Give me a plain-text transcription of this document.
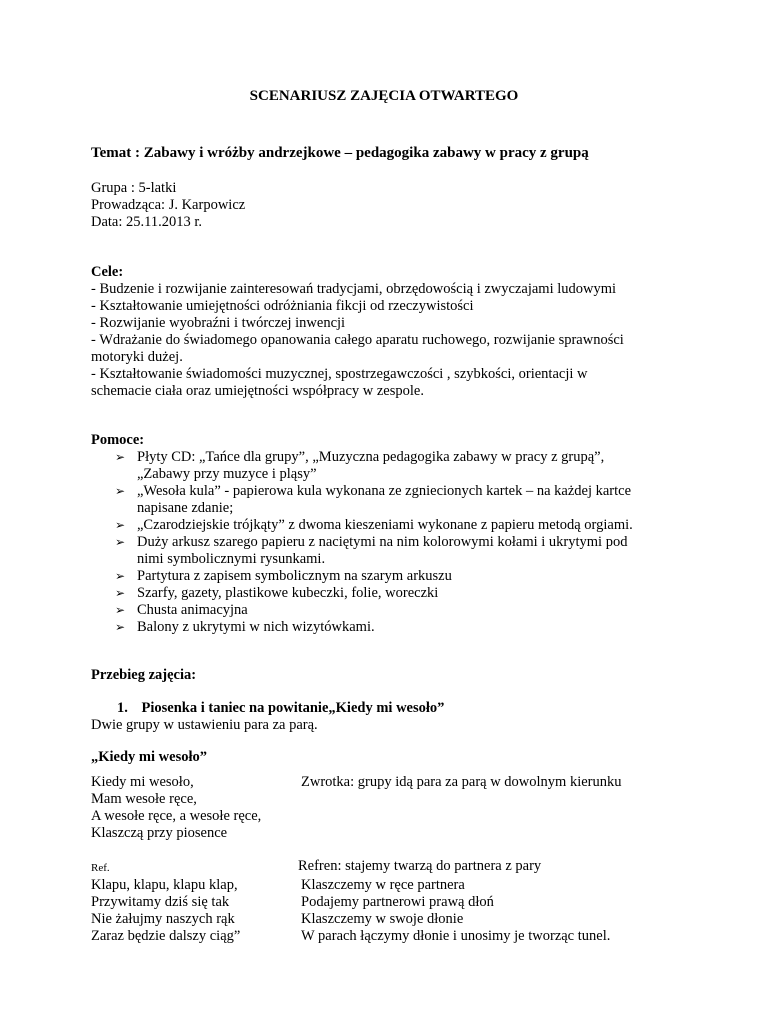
SCENARIUSZ ZAJĘCIA OTWARTEGO
Temat : Zabawy i wróżby andrzejkowe – pedagogika zabawy w pracy z grupą
Grupa : 5-latki
Prowadząca: J. Karpowicz
Data: 25.11.2013 r.
Cele:
- Budzenie i rozwijanie zainteresowań tradycjami, obrzędowością i zwyczajami ludowymi
- Kształtowanie umiejętności odróżniania fikcji od rzeczywistości
- Rozwijanie wyobraźni i twórczej inwencji
- Wdrażanie do świadomego opanowania całego aparatu ruchowego, rozwijanie sprawności
motoryki dużej.
- Kształtowanie świadomości muzycznej, spostrzegawczości , szybkości, orientacji w
schemacie ciała oraz umiejętności współpracy w zespole.
Pomoce:
➢ Płyty CD: „Tańce dla grupy”, „Muzyczna pedagogika zabawy w pracy z grupą”,
„Zabawy przy muzyce i pląsy”
➢ „Wesoła kula” - papierowa kula wykonana ze zgniecionych kartek – na każdej kartce
napisane zdanie;
➢ „Czarodziejskie trójkąty” z dwoma kieszeniami wykonane z papieru metodą orgiami.
➢ Duży arkusz szarego papieru z naciętymi na nim kolorowymi kołami i ukrytymi pod
nimi symbolicznymi rysunkami.
➢ Partytura z zapisem symbolicznym na szarym arkuszu
➢ Szarfy, gazety, plastikowe kubeczki, folie, woreczki
➢ Chusta animacyjna
➢ Balony z ukrytymi w nich wizytówkami.
Przebieg zajęcia:
1. Piosenka i taniec na powitanie„Kiedy mi wesoło”
Dwie grupy w ustawieniu para za parą.
„Kiedy mi wesoło”
Kiedy mi wesoło,	Zwrotka: grupy idą para za parą w dowolnym kierunku
Mam wesołe ręce,
A wesołe ręce, a wesołe ręce,
Klaszczą przy piosence
Ref.	Refren: stajemy twarzą do partnera z pary
Klapu, klapu, klapu klap,	Klaszczemy w ręce partnera
Przywitamy dziś się tak	Podajemy partnerowi prawą dłoń
Nie żałujmy naszych rąk	Klaszczemy w swoje dłonie
Zaraz będzie dalszy ciąg”	W parach łączymy dłonie i unosimy je tworząc tunel.
